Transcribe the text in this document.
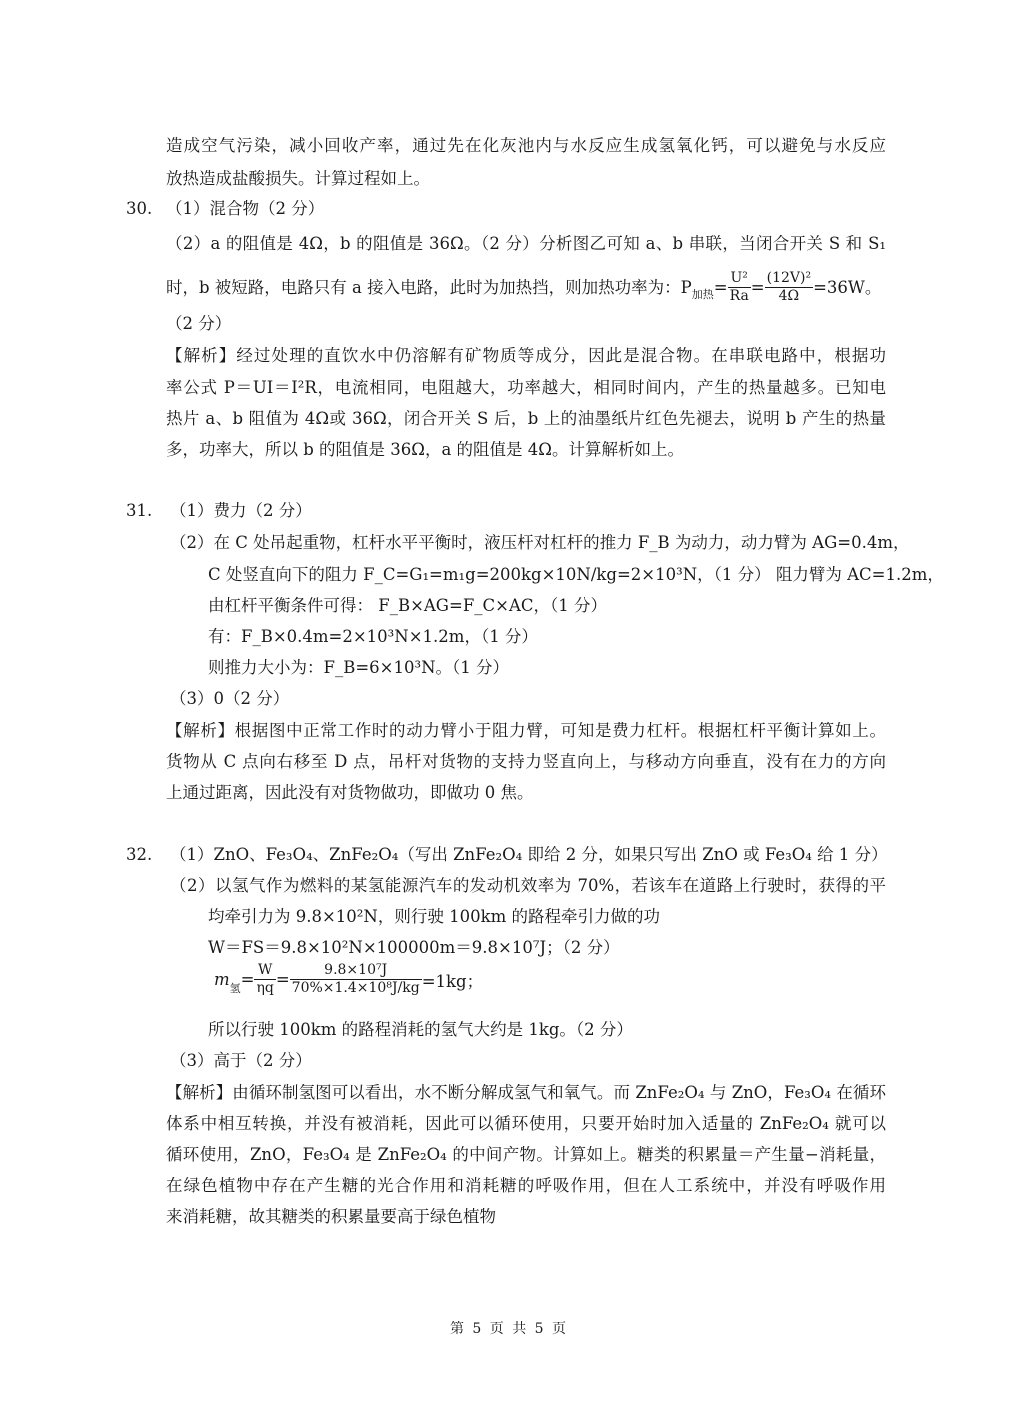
造成空气污染，减小回收产率，通过先在化灰池内与水反应生成氢氧化钙，可以避免与水反应
放热造成盐酸损失。计算过程如上。
30. （1）混合物（2 分）
（2）a 的阻值是 4Ω，b 的阻值是 36Ω。（2 分）分析图乙可知 a、b 串联，当闭合开关 S 和 S₁
时，b 被短路，电路只有 a 接入电路，此时为加热挡，则加热功率为：P加热= $\frac{\text{U²}}{Ra} = \frac{\text{(12V)²}}{4\Omega} =36W$。
（2 分）
【解析】经过处理的直饮水中仍溶解有矿物质等成分，因此是混合物。在串联电路中，根据功
率公式 P＝UI＝I²R，电流相同，电阻越大，功率越大，相同时间内，产生的热量越多。已知电
热片 a、b 阻值为 4Ω或 36Ω，闭合开关 S 后，b 上的油墨纸片红色先褪去，说明 b 产生的热量
多，功率大，所以 b 的阻值是 36Ω，a 的阻值是 4Ω。计算解析如上。
31. （1）费力（2 分）
（2）在 C 处吊起重物，杠杆水平平衡时，液压杆对杠杆的推力 F_B 为动力，动力臂为 AG=0.4m，
C 处竖直向下的阻力 F_C=G₁=m₁g=200kg×10N/kg=2×10³N，（1 分） 阻力臂为 AC=1.2m，
由杠杆平衡条件可得： F_B×AG=F_C×AC，（1 分）
有：F_B×0.4m=2×10³N×1.2m，（1 分）
则推力大小为：F_B=6×10³N。（1 分）
（3）0（2 分）
【解析】根据图中正常工作时的动力臂小于阻力臂，可知是费力杠杆。根据杠杆平衡计算如上。
货物从 C 点向右移至 D 点，吊杆对货物的支持力竖直向上，与移动方向垂直，没有在力的方向
上通过距离，因此没有对货物做功，即做功 0 焦。
32. （1）ZnO、Fe₃O₄、ZnFe₂O₄（写出 ZnFe₂O₄ 即给 2 分，如果只写出 ZnO 或 Fe₃O₄ 给 1 分）
（2）以氢气作为燃料的某氢能源汽车的发动机效率为 70%，若该车在道路上行驶时，获得的平
均牵引力为 9.8×10²N，则行驶 100km 的路程牵引力做的功
W＝FS＝9.8×10²N×100000m＝9.8×10⁷J；（2 分）
m氢= $\frac{W}{\eta q} = \frac{\text{9.8×10⁷J}}{\text{70\%×1.4×10⁸J/kg}} =1kg$；
所以行驶 100km 的路程消耗的氢气大约是 1kg。（2 分）
（3）高于（2 分）
【解析】由循环制氢图可以看出，水不断分解成氢气和氧气。而 ZnFe₂O₄ 与 ZnO，Fe₃O₄ 在循环
体系中相互转换，并没有被消耗，因此可以循环使用，只要开始时加入适量的 ZnFe₂O₄ 就可以
循环使用，ZnO，Fe₃O₄ 是 ZnFe₂O₄ 的中间产物。计算如上。糖类的积累量＝产生量−消耗量，
在绿色植物中存在产生糖的光合作用和消耗糖的呼吸作用，但在人工系统中，并没有呼吸作用
来消耗糖，故其糖类的积累量要高于绿色植物
第 5 页 共 5 页
